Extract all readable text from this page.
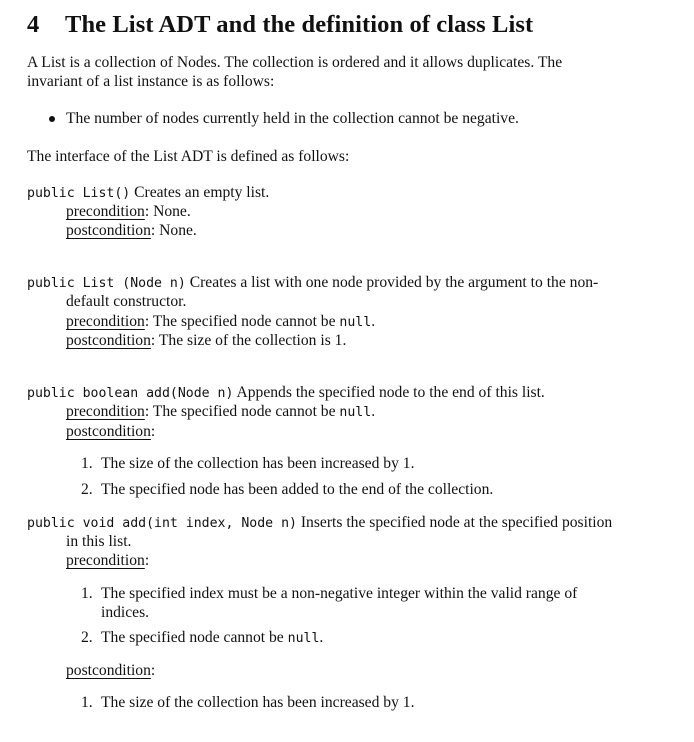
4 The List ADT and the definition of class List
A List is a collection of Nodes. The collection is ordered and it allows duplicates. The
invariant of a list instance is as follows:
The number of nodes currently held in the collection cannot be negative.
The interface of the List ADT is defined as follows:
public List() Creates an empty list.
precondition: None.
postcondition: None.
public List (Node n) Creates a list with one node provided by the argument to the non-
default constructor.
precondition: The specified node cannot be null.
postcondition: The size of the collection is 1.
public boolean add(Node n) Appends the specified node to the end of this list.
precondition: The specified node cannot be null.
postcondition:
1. The size of the collection has been increased by 1.
2. The specified node has been added to the end of the collection.
public void add(int index, Node n) Inserts the specified node at the specified position
in this list.
precondition:
1. The specified index must be a non-negative integer within the valid range of
indices.
2. The specified node cannot be null.
postcondition:
1. The size of the collection has been increased by 1.
